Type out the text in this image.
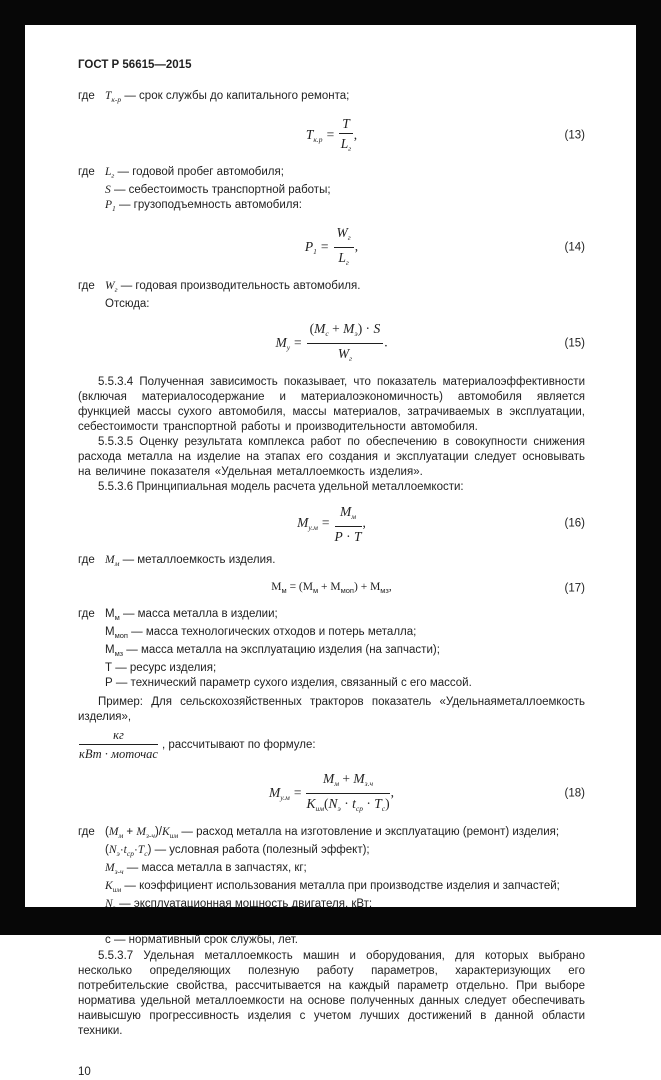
ГОСТ Р 56615—2015

где $T_{к-р}$ — срок службы до капитального ремонта;
$T_{к.р} = \frac{T}{L_г}$ ,	(13)
где $L_г$ — годовой пробег автомобиля;
S — себестоимость транспортной работы;
$P_1$ — грузоподъемность автомобиля:
$P_1 = \frac{W_г}{L_г}$ ,	(14)
где $W_г$ — годовая производительность автомобиля.
Отсюда:
$M_у = \frac{(M_с + M_э) \cdot S}{W_г}$ .	(15)

5.5.3.4 Полученная зависимость показывает, что показатель материалоэффективности (включая материалосодержание и материалоэкономичность) автомобиля является функцией массы сухого автомобиля, массы материалов, затрачиваемых в эксплуатации, себестоимости транспортной работы и производительности автомобиля.

5.5.3.5 Оценку результата комплекса работ по обеспечению в совокупности снижения расхода металла на изделие на этапах его создания и эксплуатации следует основывать на величине показателя «Удельная металлоемкость изделия».

5.5.3.6 Принципиальная модель расчета удельной металлоемкости:

$M_{у.м} = \frac{M_м}{P \cdot T}$ ,	(16)
где $M_м$ — металлоемкость изделия.
$М_м = (М_м + М_{моп}) + М_{мз}$,	(17)
где $М_м$ — масса металла в изделии;
$М_{моп}$ — масса технологических отходов и потерь металла;
$М_{мз}$ — масса металла на эксплуатацию изделия (на запчасти);
Т — ресурс изделия;
Р — технический параметр сухого изделия, связанный с его массой.

Пример: Для сельскохозяйственных тракторов показатель «Удельнаяметаллоемкость изделия»,

$\frac{кг}{\text{кВт · моточас}}$ , рассчитывают по формуле:
$M_{у.м} = \frac{M_м + M_{з.ч}}{K_{им}(N_э \cdot t_{ср} \cdot T_с)}$ ,	(18)
где $(M_м + M_{з-ч})/K_{им}$ — расход металла на изготовление и эксплуатацию (ремонт) изделия;
$(N_э\cdot t_{ср}\cdot T_с)$ — условная работа (полезный эффект);
$M_{з-ч}$ — масса металла в запчастях, кг;
$K_{им}$ — коэффициент использования металла при производстве изделия и запчастей;
$N_э$ — эксплуатационная мощность двигателя, кВт;
$t_{ср}$ — средняя годовая наработка, моточасы/лет;
с — нормативный срок службы, лет.

5.5.3.7 Удельная металлоемкость машин и оборудования, для которых выбрано несколько определяющих полезную работу параметров, характеризующих его потребительские свойства, рассчитывается на каждый параметр отдельно. При выборе норматива удельной металлоемкости на основе полученных данных следует обеспечивать наивысшую прогрессивность изделия с учетом лучших достижений в данной области техники.

10
